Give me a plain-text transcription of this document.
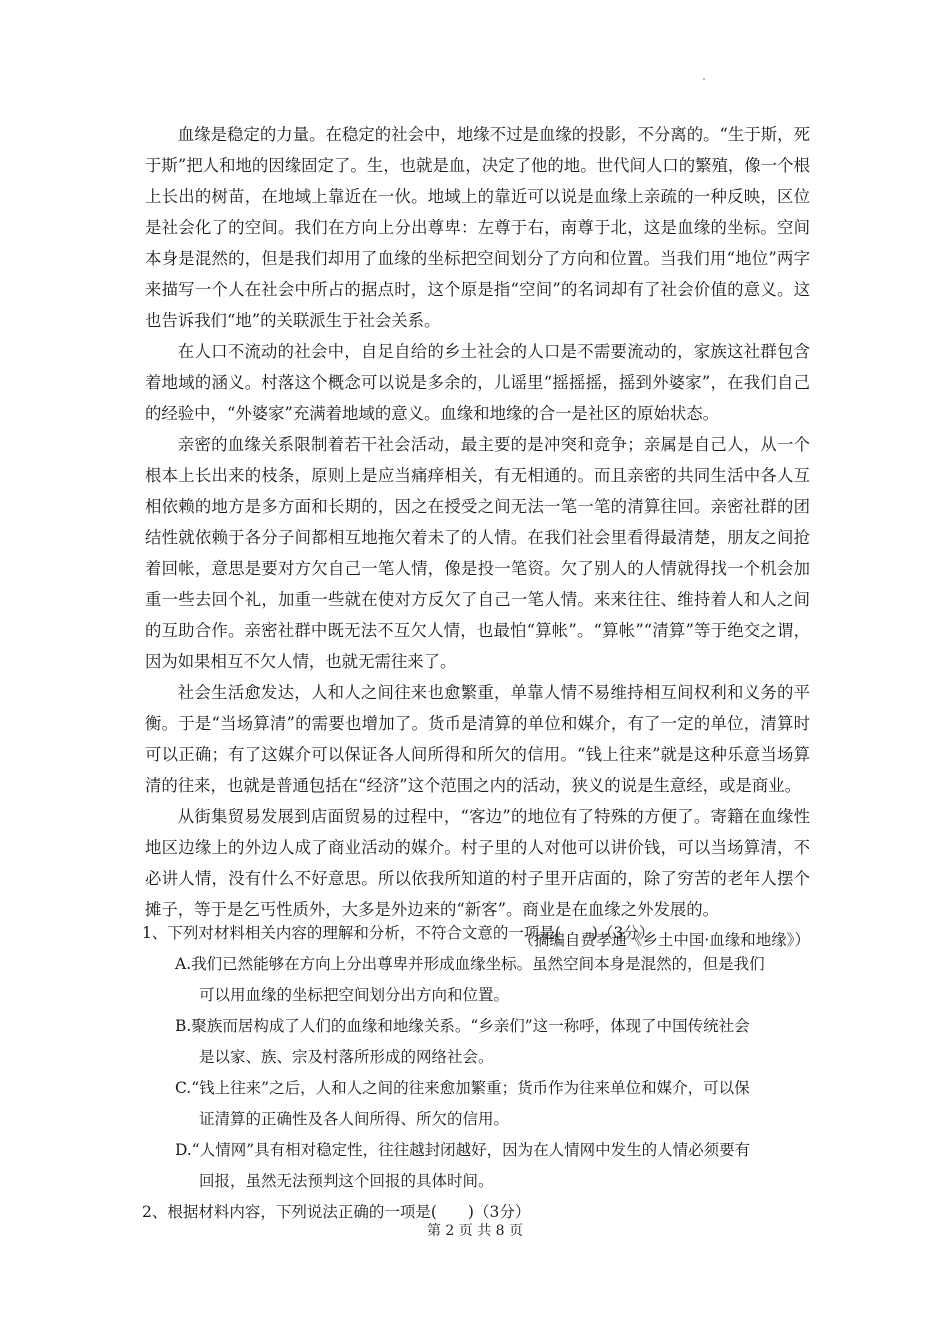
血缘是稳定的力量。在稳定的社会中，地缘不过是血缘的投影，不分离的。“生于斯，死于斯”把人和地的因缘固定了。生，也就是血，决定了他的地。世代间人口的繁殖，像一个根上长出的树苗，在地域上靠近在一伙。地域上的靠近可以说是血缘上亲疏的一种反映，区位是社会化了的空间。我们在方向上分出尊卑：左尊于右，南尊于北，这是血缘的坐标。空间本身是混然的，但是我们却用了血缘的坐标把空间划分了方向和位置。当我们用“地位”两字来描写一个人在社会中所占的据点时，这个原是指“空间”的名词却有了社会价值的意义。这也告诉我们“地”的关联派生于社会关系。

在人口不流动的社会中，自足自给的乡土社会的人口是不需要流动的，家族这社群包含着地域的涵义。村落这个概念可以说是多余的，儿谣里“摇摇摇，摇到外婆家”，在我们自己的经验中，“外婆家”充满着地域的意义。血缘和地缘的合一是社区的原始状态。

亲密的血缘关系限制着若干社会活动，最主要的是冲突和竞争；亲属是自己人，从一个根本上长出来的枝条，原则上是应当痛痒相关，有无相通的。而且亲密的共同生活中各人互相依赖的地方是多方面和长期的，因之在授受之间无法一笔一笔的清算往回。亲密社群的团结性就依赖于各分子间都相互地拖欠着未了的人情。在我们社会里看得最清楚，朋友之间抢着回帐，意思是要对方欠自己一笔人情，像是投一笔资。欠了别人的人情就得找一个机会加重一些去回个礼，加重一些就在使对方反欠了自己一笔人情。来来往往、维持着人和人之间的互助合作。亲密社群中既无法不互欠人情，也最怕“算帐”。“算帐”“清算”等于绝交之谓，因为如果相互不欠人情，也就无需往来了。

社会生活愈发达，人和人之间往来也愈繁重，单靠人情不易维持相互间权利和义务的平衡。于是“当场算清”的需要也增加了。货币是清算的单位和媒介，有了一定的单位，清算时可以正确；有了这媒介可以保证各人间所得和所欠的信用。“钱上往来”就是这种乐意当场算清的往来，也就是普通包括在“经济”这个范围之内的活动，狭义的说是生意经，或是商业。

从街集贸易发展到店面贸易的过程中，“客边”的地位有了特殊的方便了。寄籍在血缘性地区边缘上的外边人成了商业活动的媒介。村子里的人对他可以讲价钱，可以当场算清，不必讲人情，没有什么不好意思。所以依我所知道的村子里开店面的，除了穷苦的老年人摆个摊子，等于是乞丐性质外，大多是外边来的“新客”。商业是在血缘之外发展的。

（摘编自费孝通《乡土中国·血缘和地缘》）

1、下列对材料相关内容的理解和分析，不符合文意的一项是(　　)（3分）

A.我们已然能够在方向上分出尊卑并形成血缘坐标。虽然空间本身是混然的，但是我们
可以用血缘的坐标把空间划分出方向和位置。

B.聚族而居构成了人们的血缘和地缘关系。“乡亲们”这一称呼，体现了中国传统社会
是以家、族、宗及村落所形成的网络社会。

C.“钱上往来”之后，人和人之间的往来愈加繁重；货币作为往来单位和媒介，可以保
证清算的正确性及各人间所得、所欠的信用。

D.“人情网”具有相对稳定性，往往越封闭越好，因为在人情网中发生的人情必须要有
回报，虽然无法预判这个回报的具体时间。

2、根据材料内容，下列说法正确的一项是(　　)（3分）

第 2 页 共 8 页
